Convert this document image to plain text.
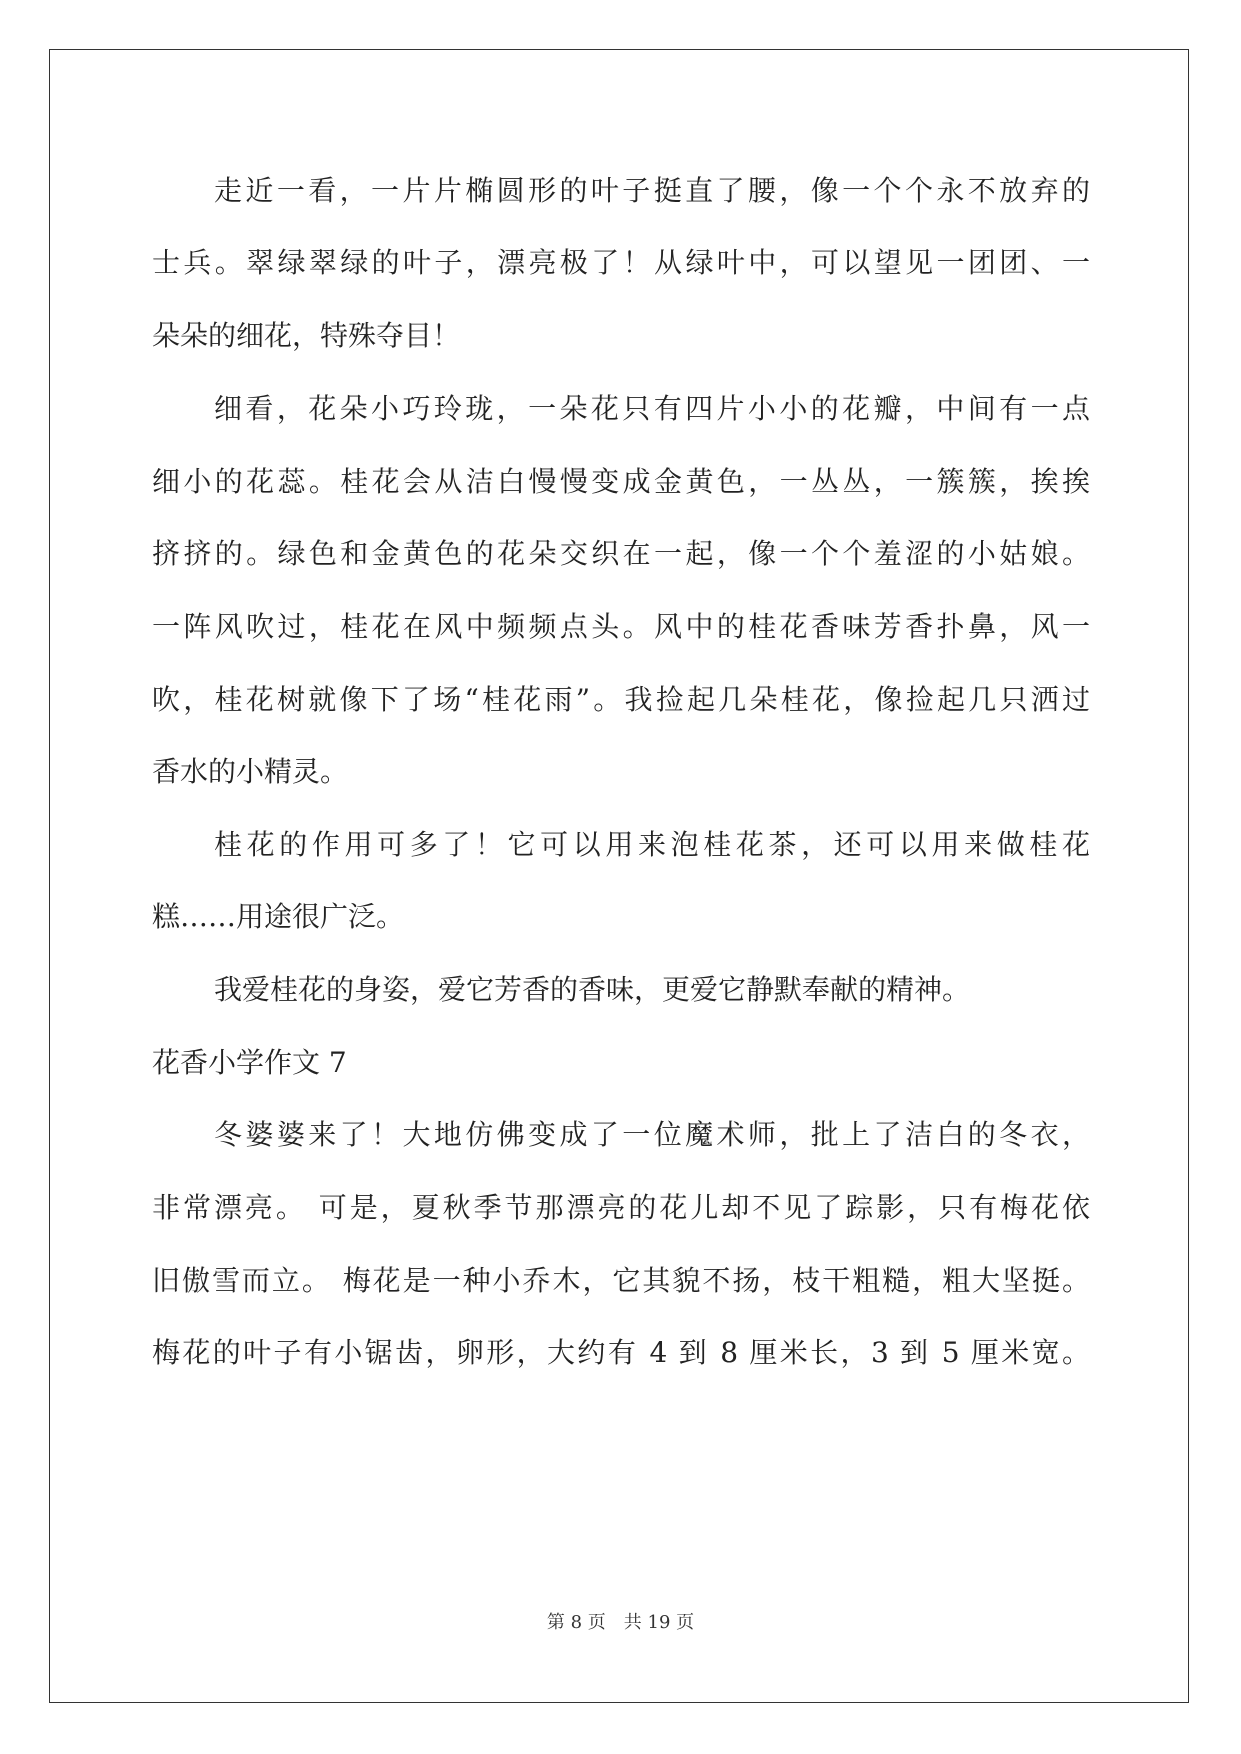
走近一看，一片片椭圆形的叶子挺直了腰，像一个个永不放弃的
士兵。翠绿翠绿的叶子，漂亮极了！从绿叶中，可以望见一团团、一
朵朵的细花，特殊夺目！
细看，花朵小巧玲珑，一朵花只有四片小小的花瓣，中间有一点
细小的花蕊。桂花会从洁白慢慢变成金黄色，一丛丛，一簇簇，挨挨
挤挤的。绿色和金黄色的花朵交织在一起，像一个个羞涩的小姑娘。
一阵风吹过，桂花在风中频频点头。风中的桂花香味芳香扑鼻，风一
吹，桂花树就像下了场“桂花雨”。我捡起几朵桂花，像捡起几只洒过
香水的小精灵。
桂花的作用可多了！它可以用来泡桂花茶，还可以用来做桂花
糕……用途很广泛。
我爱桂花的身姿，爱它芳香的香味，更爱它静默奉献的精神。
花香小学作文 7
冬婆婆来了！大地仿佛变成了一位魔术师，批上了洁白的冬衣，
非常漂亮。 可是，夏秋季节那漂亮的花儿却不见了踪影，只有梅花依
旧傲雪而立。 梅花是一种小乔木，它其貌不扬，枝干粗糙，粗大坚挺。
梅花的叶子有小锯齿，卵形，大约有 4 到 8 厘米长，3 到 5 厘米宽。
第 8 页　共 19 页
